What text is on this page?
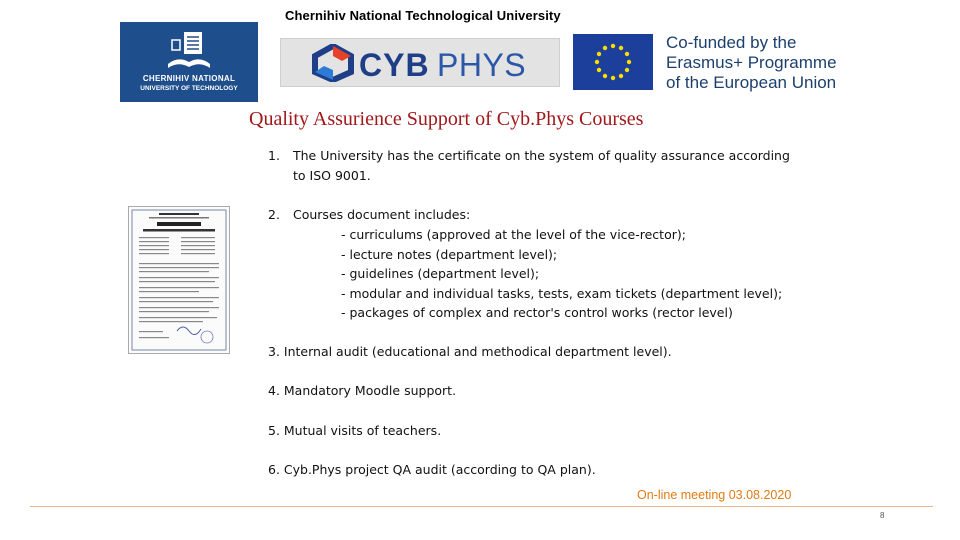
Chernihiv National Technological University
CHERNIHIV NATIONAL
UNIVERSITY OF TECHNOLOGY
CYB PHYS
Co-funded by the
Erasmus+ Programme
of the European Union
Quality Assurience Support of Cyb.Phys Courses
1. The University has the certificate on the system of quality assurance according
to ISO 9001.
2. Courses document includes:
- curriculums (approved at the level of the vice-rector);
- lecture notes (department level);
- guidelines (department level);
- modular and individual tasks, tests, exam tickets (department level);
- packages of complex and rector's control works (rector level)
3. Internal audit (educational and methodical department level).
4. Mandatory Moodle support.
5. Mutual visits of teachers.
6. Cyb.Phys project QA audit (according to QA plan).
On-line meeting 03.08.2020
8
